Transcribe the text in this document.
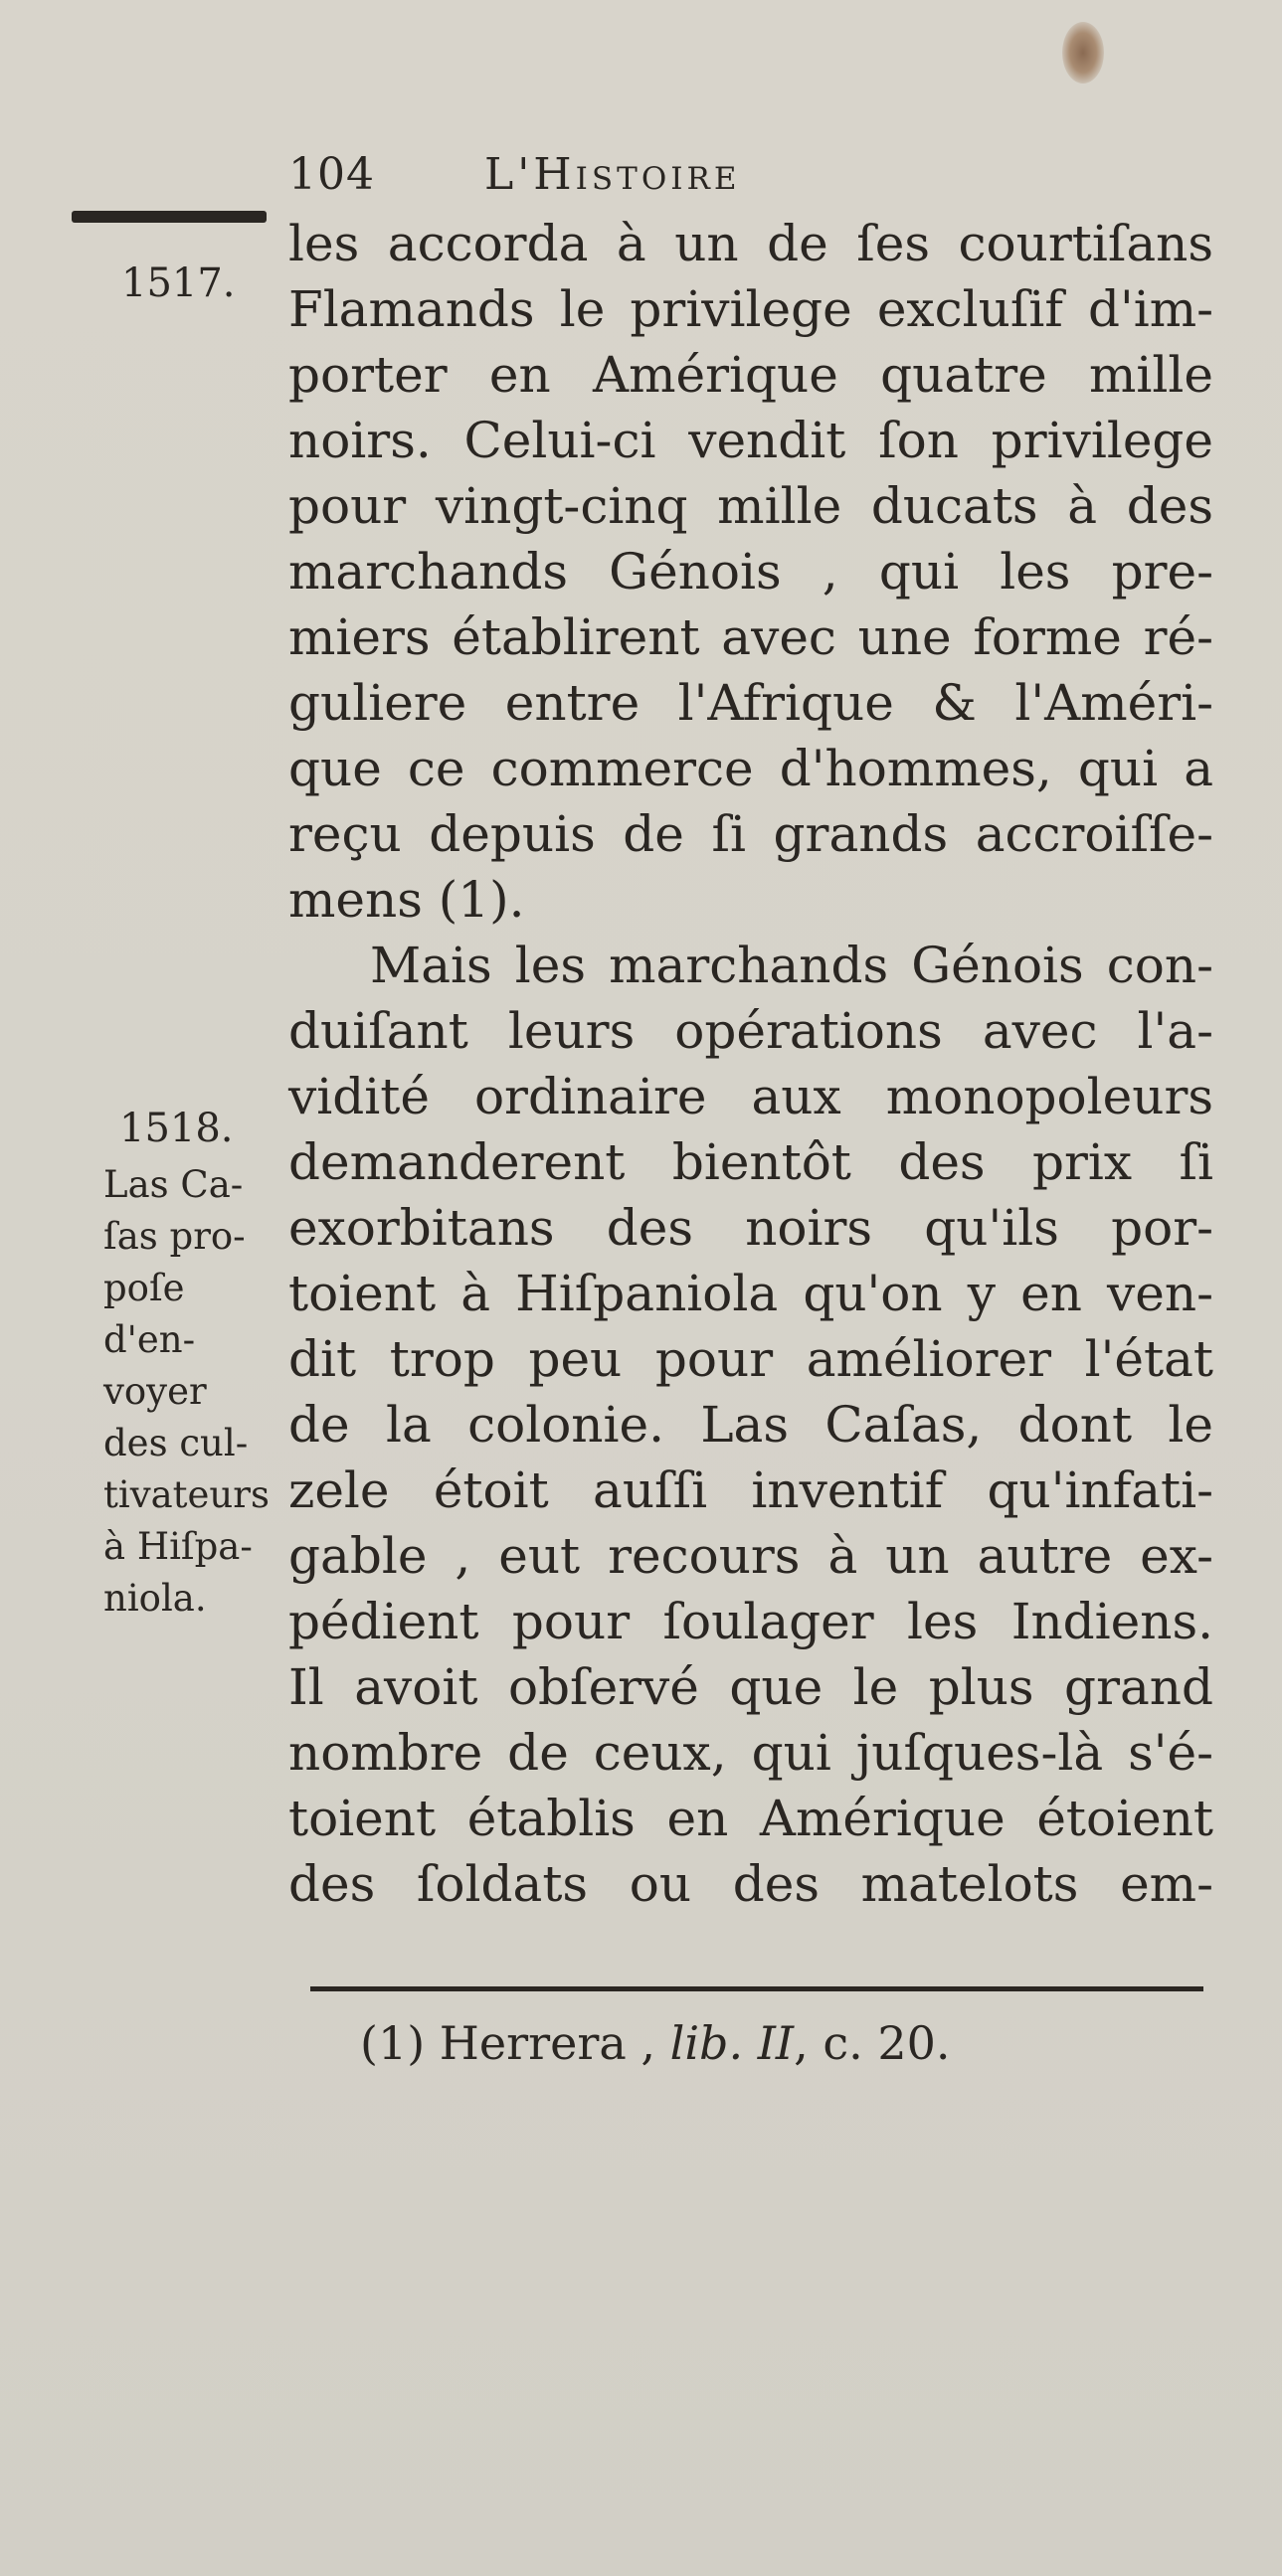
104	L'Histoire
1517.
1518.
Las Ca-
ſas pro-
poſe
d'en-
voyer
des cul-
tivateurs
à Hiſpa-
niola.
les accorda à un de ſes courtiſans
Flamands le privilege excluſif d'im-
porter en Amérique quatre mille
noirs. Celui-ci vendit ſon privilege
pour vingt-cinq mille ducats à des
marchands Génois , qui les pre-
miers établirent avec une forme ré-
guliere entre l'Afrique & l'Améri-
que ce commerce d'hommes, qui a
reçu depuis de ſi grands accroiſſe-
mens (1).
Mais les marchands Génois con-
duiſant leurs opérations avec l'a-
vidité ordinaire aux monopoleurs
demanderent bientôt des prix ſi
exorbitans des noirs qu'ils por-
toient à Hiſpaniola qu'on y en ven-
dit trop peu pour améliorer l'état
de la colonie. Las Caſas, dont le
zele étoit auſſi inventif qu'infati-
gable , eut recours à un autre ex-
pédient pour ſoulager les Indiens.
Il avoit obſervé que le plus grand
nombre de ceux, qui juſques-là s'é-
toient établis en Amérique étoient
des ſoldats ou des matelots em-
(1) Herrera , lib. II, c. 20.
